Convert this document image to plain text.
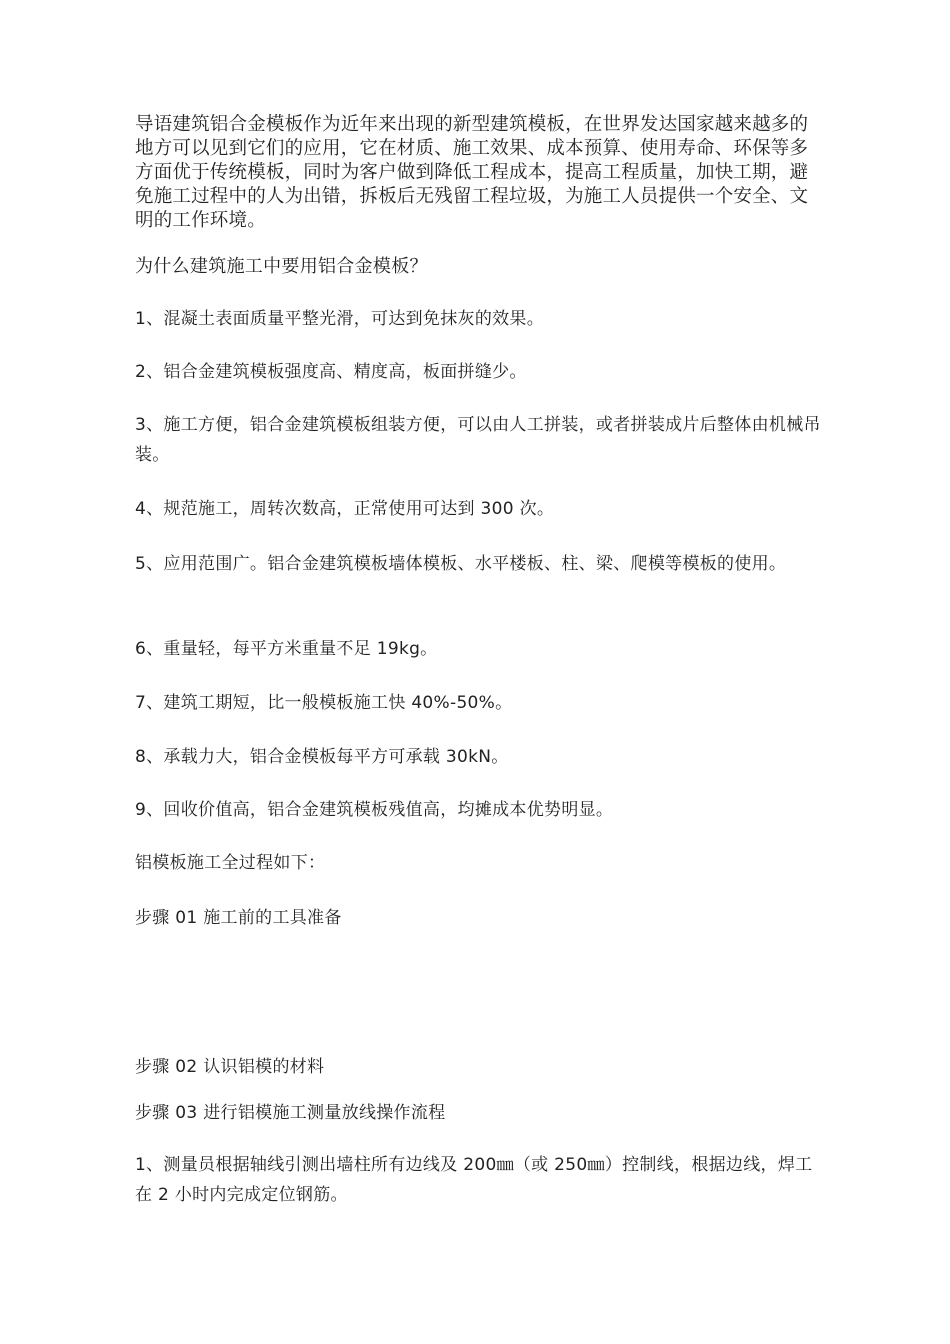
导语建筑铝合金模板作为近年来出现的新型建筑模板，在世界发达国家越来越多的地方可以见到它们的应用，它在材质、施工效果、成本预算、使用寿命、环保等多方面优于传统模板，同时为客户做到降低工程成本，提高工程质量，加快工期，避免施工过程中的人为出错，拆板后无残留工程垃圾，为施工人员提供一个安全、文明的工作环境。
为什么建筑施工中要用铝合金模板？
1、混凝土表面质量平整光滑，可达到免抹灰的效果。
2、铝合金建筑模板强度高、精度高，板面拼缝少。
3、施工方便，铝合金建筑模板组装方便，可以由人工拼装，或者拼装成片后整体由机械吊装。
4、规范施工，周转次数高，正常使用可达到 300 次。
5、应用范围广。铝合金建筑模板墙体模板、水平楼板、柱、梁、爬模等模板的使用。
6、重量轻，每平方米重量不足 19kg。
7、建筑工期短，比一般模板施工快 40%-50%。
8、承载力大，铝合金模板每平方可承载 30kN。
9、回收价值高，铝合金建筑模板残值高，均摊成本优势明显。
铝模板施工全过程如下：
步骤 01 施工前的工具准备
步骤 02 认识铝模的材料
步骤 03 进行铝模施工测量放线操作流程
1、测量员根据轴线引测出墙柱所有边线及 200㎜（或 250㎜）控制线，根据边线，焊工在 2 小时内完成定位钢筋。
